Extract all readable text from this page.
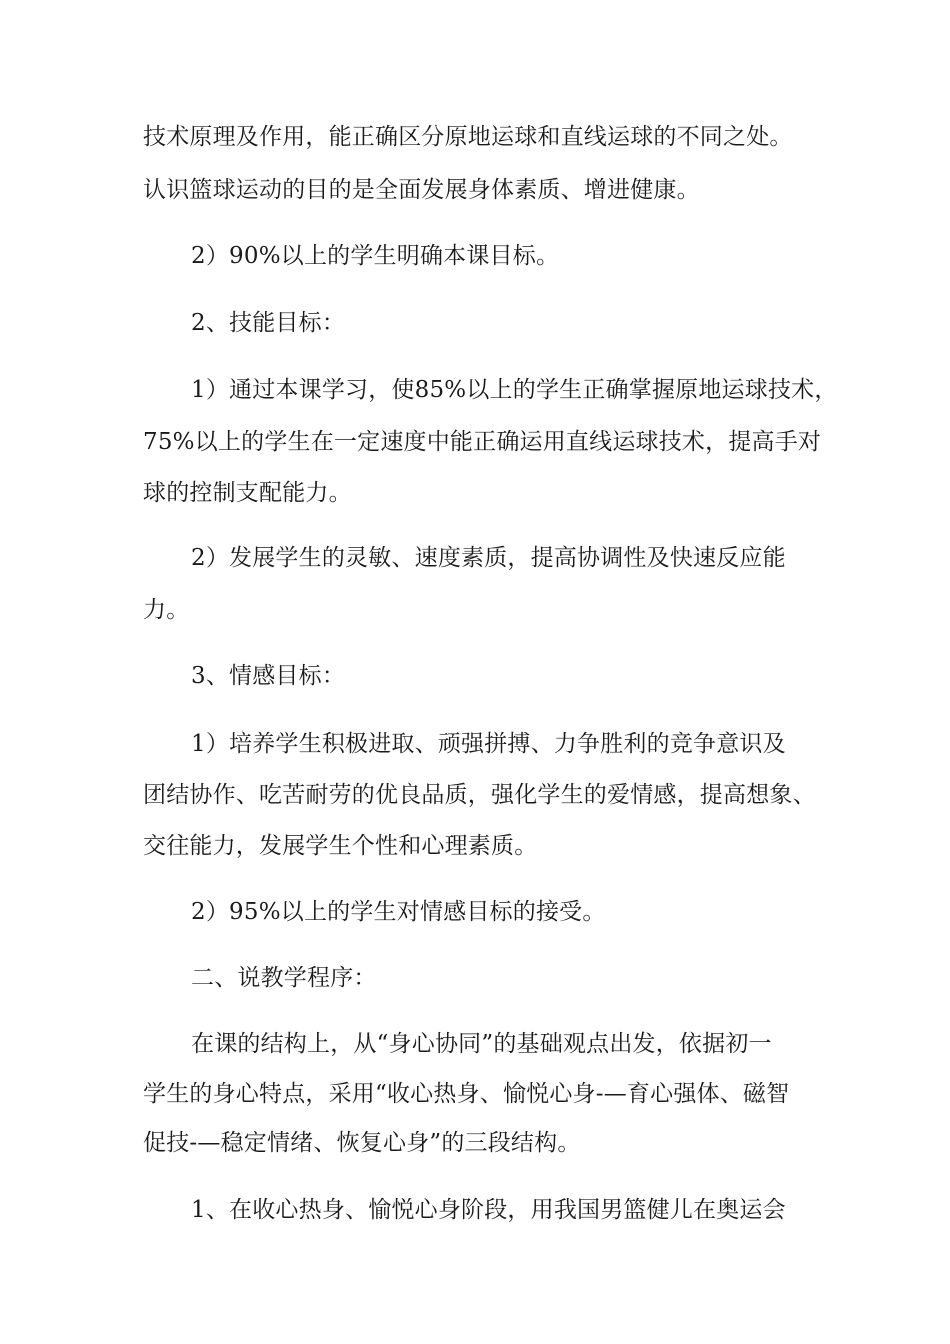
技术原理及作用，能正确区分原地运球和直线运球的不同之处。
认识篮球运动的目的是全面发展身体素质、增进健康。
2）90%以上的学生明确本课目标。
2、技能目标：
1）通过本课学习，使85%以上的学生正确掌握原地运球技术，
75%以上的学生在一定速度中能正确运用直线运球技术，提高手对
球的控制支配能力。
2）发展学生的灵敏、速度素质，提高协调性及快速反应能
力。
3、情感目标：
1）培养学生积极进取、顽强拼搏、力争胜利的竞争意识及
团结协作、吃苦耐劳的优良品质，强化学生的爱情感，提高想象、
交往能力，发展学生个性和心理素质。
2）95%以上的学生对情感目标的接受。
二、说教学程序：
在课的结构上，从“身心协同”的基础观点出发，依据初一
学生的身心特点，采用“收心热身、愉悦心身-—育心强体、磁智
促技-—稳定情绪、恢复心身”的三段结构。
1、在收心热身、愉悦心身阶段，用我国男篮健儿在奥运会
